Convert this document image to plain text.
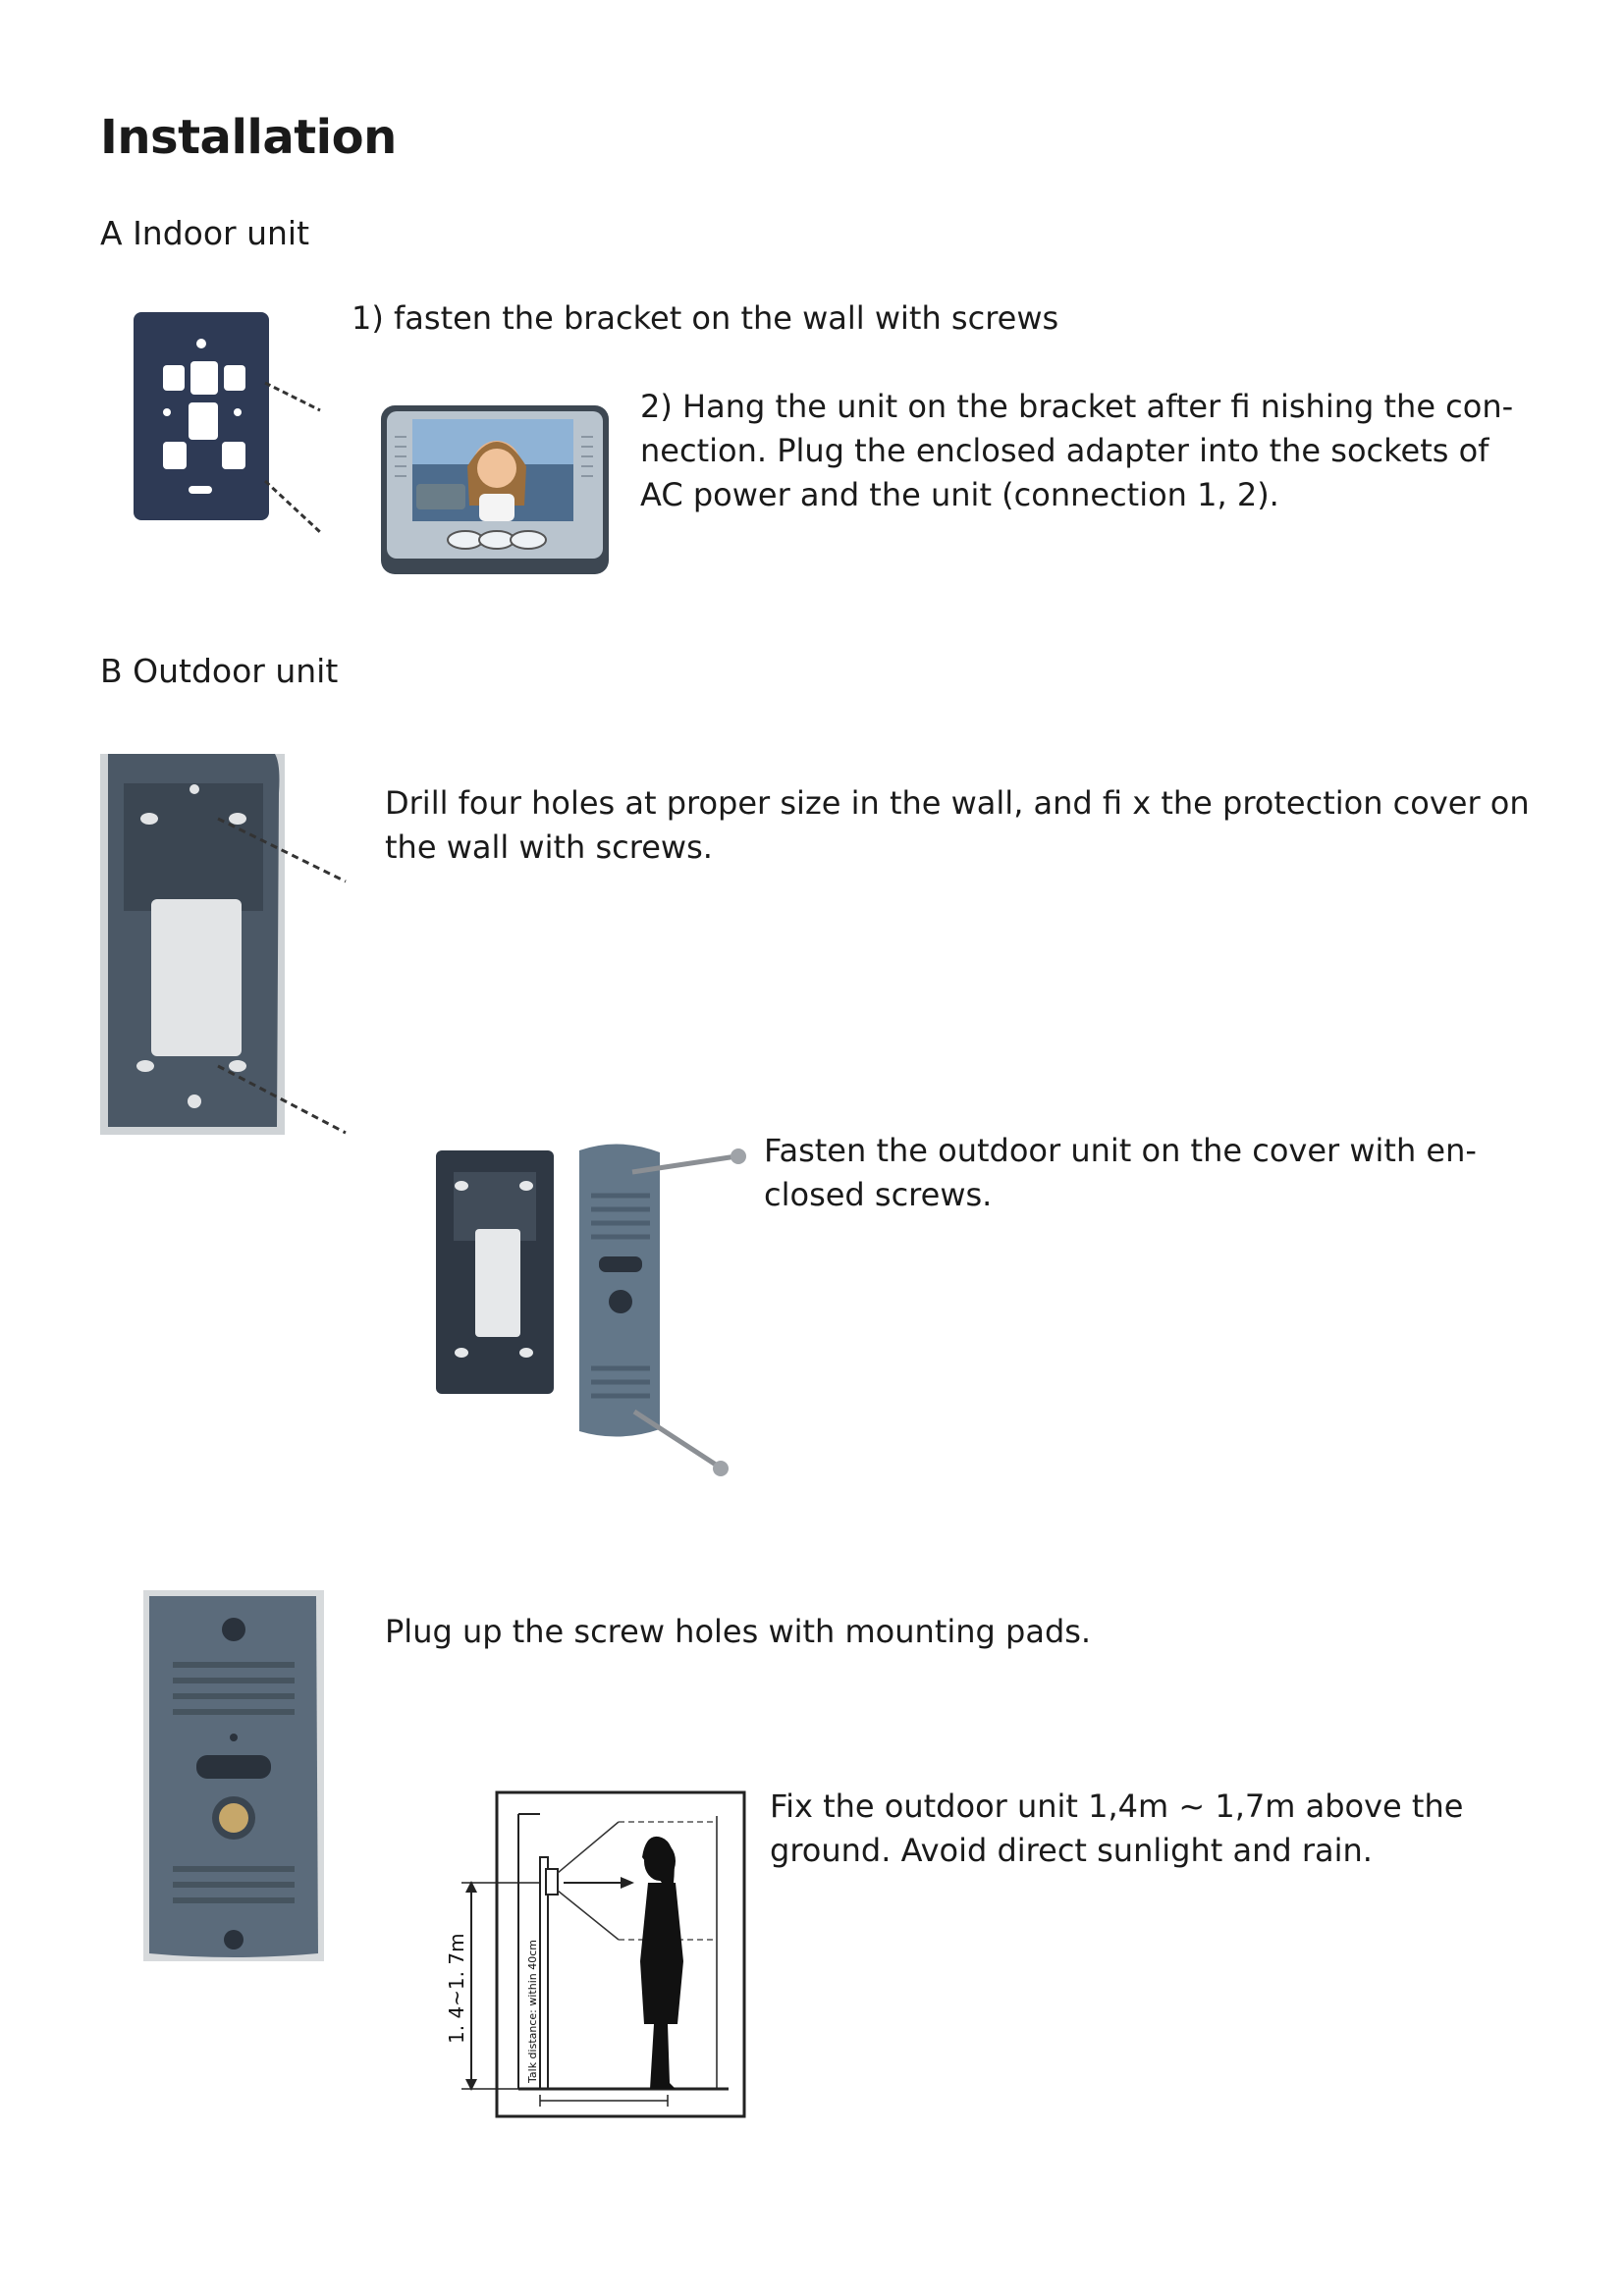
Installation

A Indoor unit

1) fasten the bracket on the wall with screws

2) Hang the unit on the bracket after fi nishing the con- nection. Plug the enclosed adapter into the sockets of AC power and the unit (connection 1, 2).

B Outdoor unit

Drill four holes at proper size in the wall, and fi x the protection cover on the wall with screws.

Fasten the outdoor unit on the cover with en- closed screws.

Plug up the screw holes with mounting pads.

1. 4~1. 7m	Talk distance: within 40cm

Fix the outdoor unit 1,4m ~ 1,7m above the ground. Avoid direct sunlight and rain.
